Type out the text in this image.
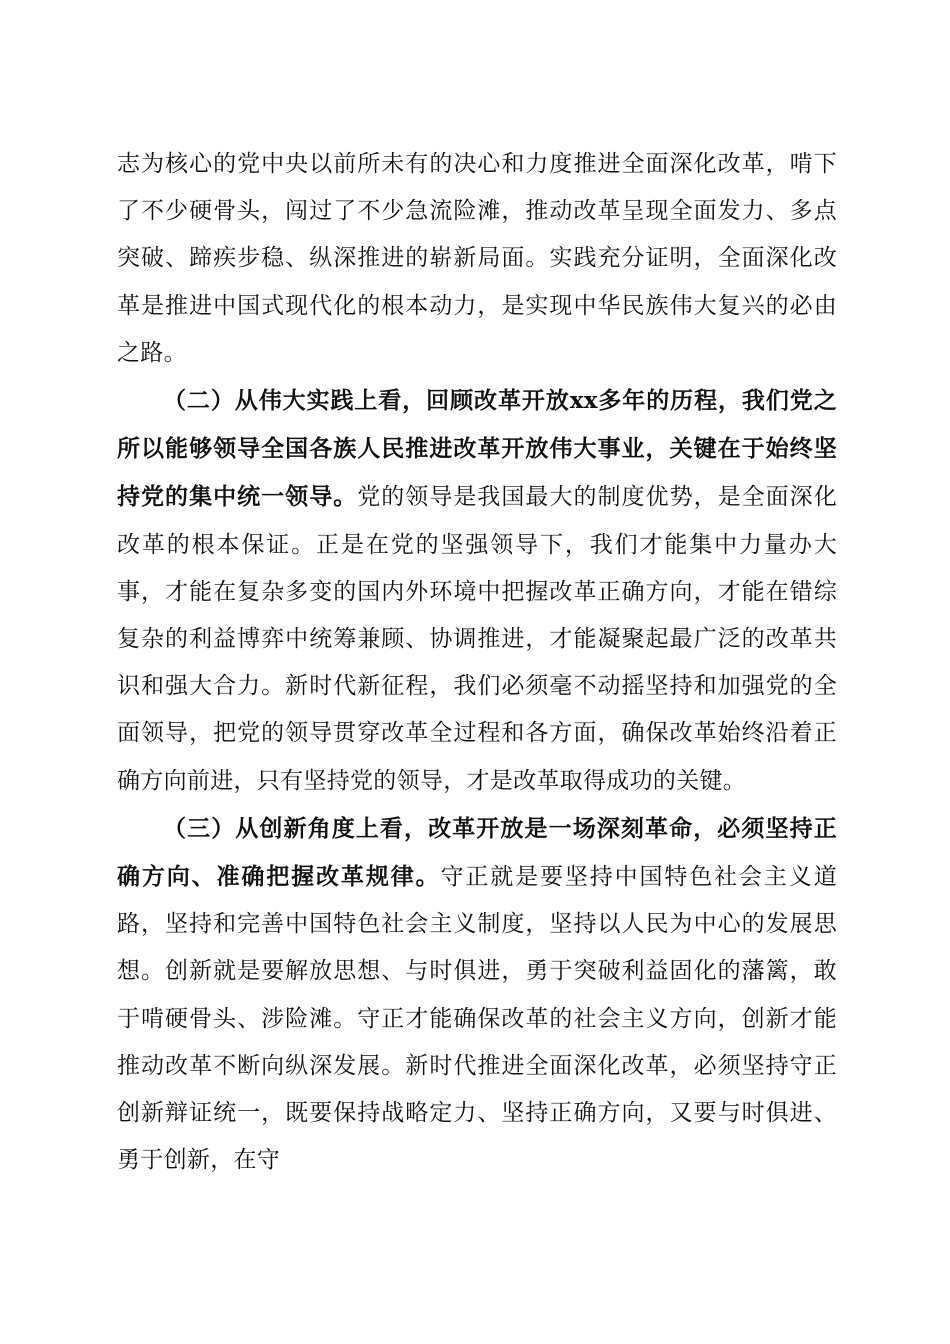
志为核心的党中央以前所未有的决心和力度推进全面深化改革，啃下了不少硬骨头，闯过了不少急流险滩，推动改革呈现全面发力、多点突破、蹄疾步稳、纵深推进的崭新局面。实践充分证明，全面深化改革是推进中国式现代化的根本动力，是实现中华民族伟大复兴的必由之路。

（二）从伟大实践上看，回顾改革开放xx多年的历程，我们党之所以能够领导全国各族人民推进改革开放伟大事业，关键在于始终坚持党的集中统一领导。党的领导是我国最大的制度优势，是全面深化改革的根本保证。正是在党的坚强领导下，我们才能集中力量办大事，才能在复杂多变的国内外环境中把握改革正确方向，才能在错综复杂的利益博弈中统筹兼顾、协调推进，才能凝聚起最广泛的改革共识和强大合力。新时代新征程，我们必须毫不动摇坚持和加强党的全面领导，把党的领导贯穿改革全过程和各方面，确保改革始终沿着正确方向前进，只有坚持党的领导，才是改革取得成功的关键。

（三）从创新角度上看，改革开放是一场深刻革命，必须坚持正确方向、准确把握改革规律。守正就是要坚持中国特色社会主义道路，坚持和完善中国特色社会主义制度，坚持以人民为中心的发展思想。创新就是要解放思想、与时俱进，勇于突破利益固化的藩篱，敢于啃硬骨头、涉险滩。守正才能确保改革的社会主义方向，创新才能推动改革不断向纵深发展。新时代推进全面深化改革，必须坚持守正创新辩证统一，既要保持战略定力、坚持正确方向，又要与时俱进、勇于创新，在守
